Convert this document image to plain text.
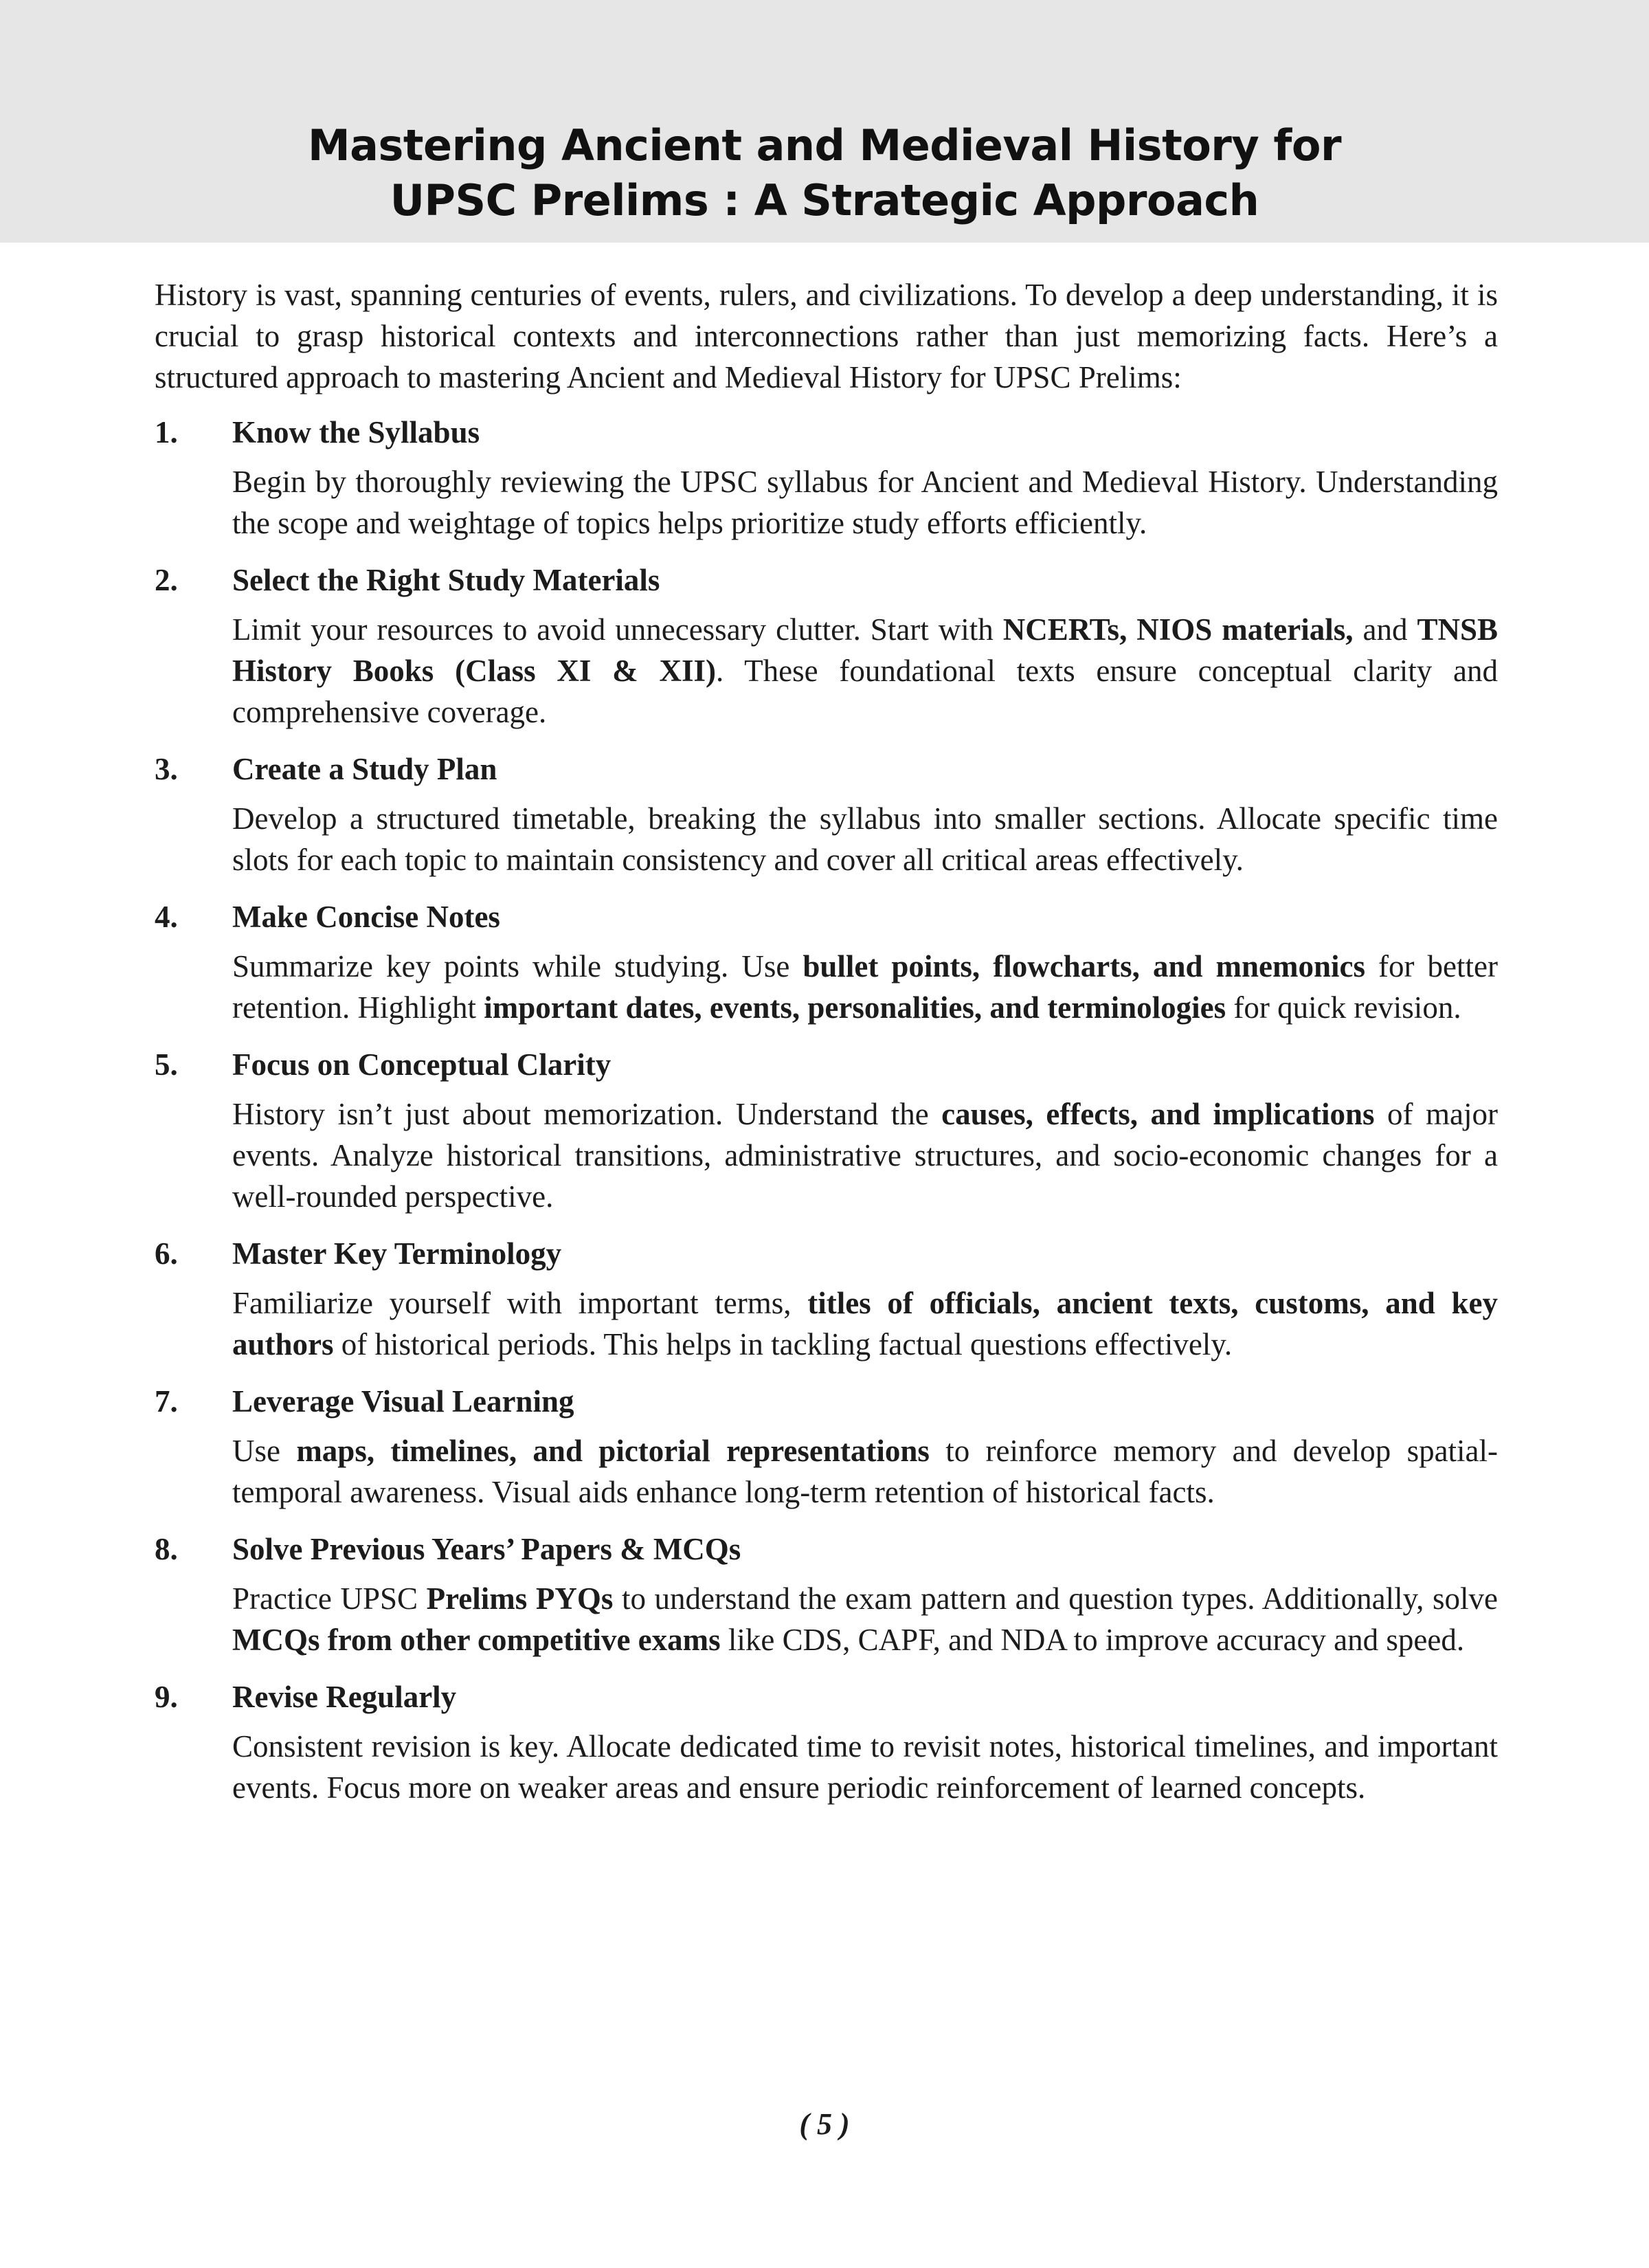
Mastering Ancient and Medieval History for
UPSC Prelims : A Strategic Approach

History is vast, spanning centuries of events, rulers, and civilizations. To develop a deep understanding, it is crucial to grasp historical contexts and interconnections rather than just memorizing facts. Here’s a structured approach to mastering Ancient and Medieval History for UPSC Prelims:

1. Know the Syllabus
Begin by thoroughly reviewing the UPSC syllabus for Ancient and Medieval History. Understanding the scope and weightage of topics helps prioritize study efforts efficiently.
2. Select the Right Study Materials
Limit your resources to avoid unnecessary clutter. Start with NCERTs, NIOS materials, and TNSB History Books (Class XI & XII). These foundational texts ensure conceptual clarity and comprehensive coverage.
3. Create a Study Plan
Develop a structured timetable, breaking the syllabus into smaller sections. Allocate specific time slots for each topic to maintain consistency and cover all critical areas effectively.
4. Make Concise Notes
Summarize key points while studying. Use bullet points, flowcharts, and mnemonics for better retention. Highlight important dates, events, personalities, and terminologies for quick revision.
5. Focus on Conceptual Clarity
History isn’t just about memorization. Understand the causes, effects, and implications of major events. Analyze historical transitions, administrative structures, and socio-economic changes for a well-rounded perspective.
6. Master Key Terminology
Familiarize yourself with important terms, titles of officials, ancient texts, customs, and key authors of historical periods. This helps in tackling factual questions effectively.
7. Leverage Visual Learning
Use maps, timelines, and pictorial representations to reinforce memory and develop spatial-temporal awareness. Visual aids enhance long-term retention of historical facts.
8. Solve Previous Years’ Papers & MCQs
Practice UPSC Prelims PYQs to understand the exam pattern and question types. Additionally, solve MCQs from other competitive exams like CDS, CAPF, and NDA to improve accuracy and speed.
9. Revise Regularly
Consistent revision is key. Allocate dedicated time to revisit notes, historical timelines, and important events. Focus more on weaker areas and ensure periodic reinforcement of learned concepts.
( 5 )
